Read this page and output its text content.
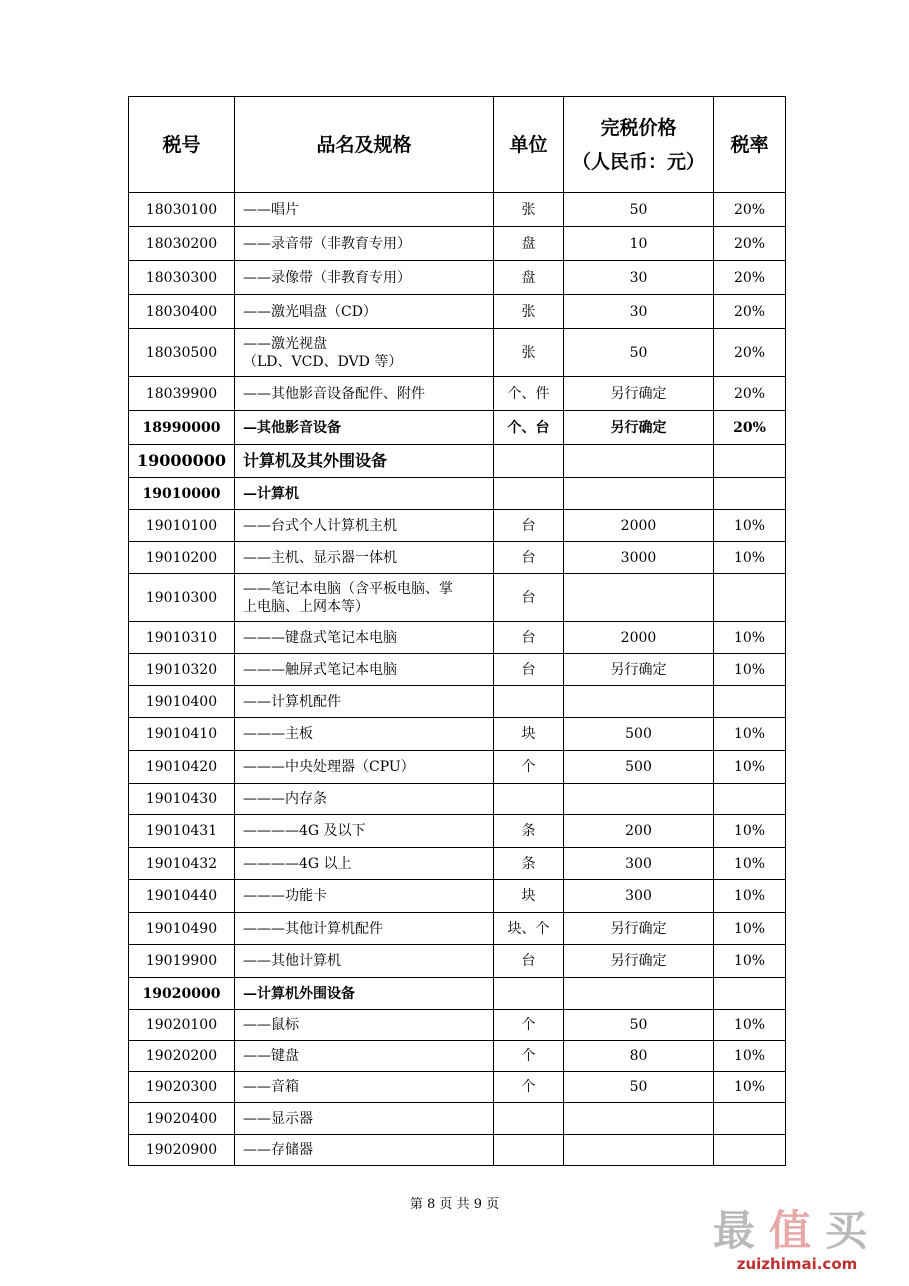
税号	品名及规格	单位	完税价格
（人民币：元）	税率
18030100	——唱片	张	50	20%
18030200	——录音带（非教育专用）	盘	10	20%
18030300	——录像带（非教育专用）	盘	30	20%
18030400	——激光唱盘（CD）	张	30	20%
18030500	——激光视盘
（LD、VCD、DVD 等）	张	50	20%
18039900	——其他影音设备配件、附件	个、件	另行确定	20%
18990000	—其他影音设备	个、台	另行确定	20%
19000000	计算机及其外围设备			

19010000	—计算机			

19010100	——台式个人计算机主机	台	2000	10%
19010200	——主机、显示器一体机	台	3000	10%
19010300	——笔记本电脑（含平板电脑、掌
上电脑、上网本等）	台		
19010310	———键盘式笔记本电脑	台	2000	10%
19010320	———触屏式笔记本电脑	台	另行确定	10%
19010400	——计算机配件			

19010410	———主板	块	500	10%
19010420	———中央处理器（CPU）	个	500	10%
19010430	———内存条			

19010431	————4G 及以下	条	200	10%
19010432	————4G 以上	条	300	10%
19010440	———功能卡	块	300	10%
19010490	———其他计算机配件	块、个	另行确定	10%
19019900	——其他计算机	台	另行确定	10%
19020000	—计算机外围设备			

19020100	——鼠标	个	50	10%
19020200	——键盘	个	80	10%
19020300	——音箱	个	50	10%
19020400	——显示器			

19020900	——存储器			

第 8 页 共 9 页
最值买
zuizhimai.com
